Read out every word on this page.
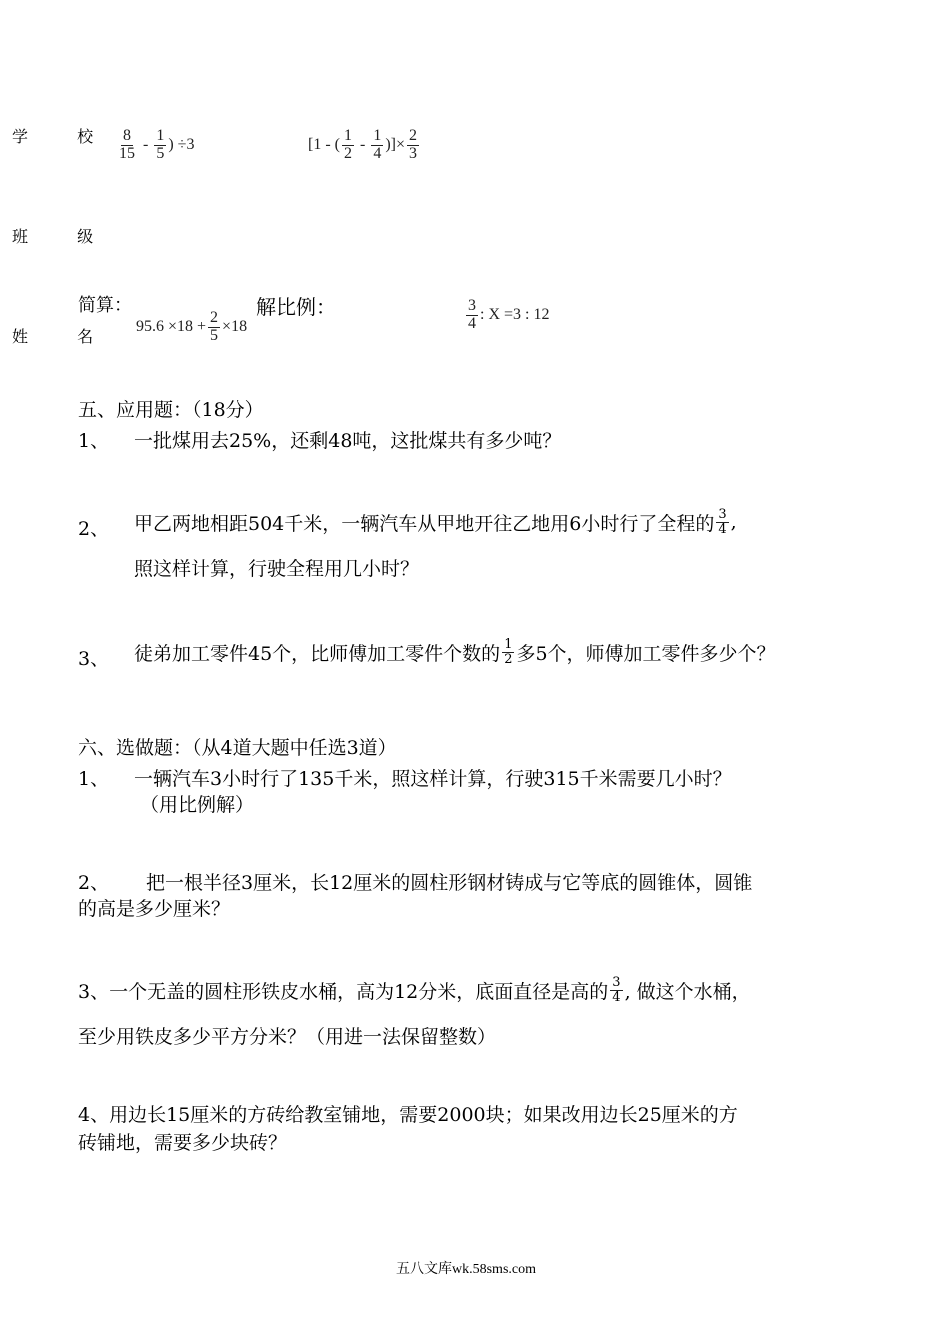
学 校
班 级
姓 名
$\frac{8}{15} - \frac{1}{5}$ ) ÷3	[1 - ( $\frac{1}{2} - \frac{1}{4}$ )]× $\frac{2}{3}$
简算：
$95.6 \times 18 + \frac{2}{5} \times 18$
解比例：	$\frac{3}{4}$ : X =3 : 12
五、应用题：（18分）
1、 一批煤用去25%，还剩48吨，这批煤共有多少吨？
2、 甲乙两地相距504千米，一辆汽车从甲地开往乙地用6小时行了全程的 $\frac{3}{4}$ ,
照这样计算，行驶全程用几小时？
3、 徒弟加工零件45个，比师傅加工零件个数的 $\frac{1}{2}$ 多5个，师傅加工零件多少个？
六、选做题：（从4道大题中任选3道）
1、 一辆汽车3小时行了135千米，照这样计算，行驶315千米需要几小时？
（用比例解）
2、 把一根半径3厘米，长12厘米的圆柱形钢材铸成与它等底的圆锥体，圆锥
的高是多少厘米？
3、一个无盖的圆柱形铁皮水桶，高为12分米，底面直径是高的 $\frac{3}{4}$ , 做这个水桶，
至少用铁皮多少平方分米？（用进一法保留整数）
4、用边长15厘米的方砖给教室铺地，需要2000块；如果改用边长25厘米的方
砖铺地，需要多少块砖？
五八文库wk.58sms.com
